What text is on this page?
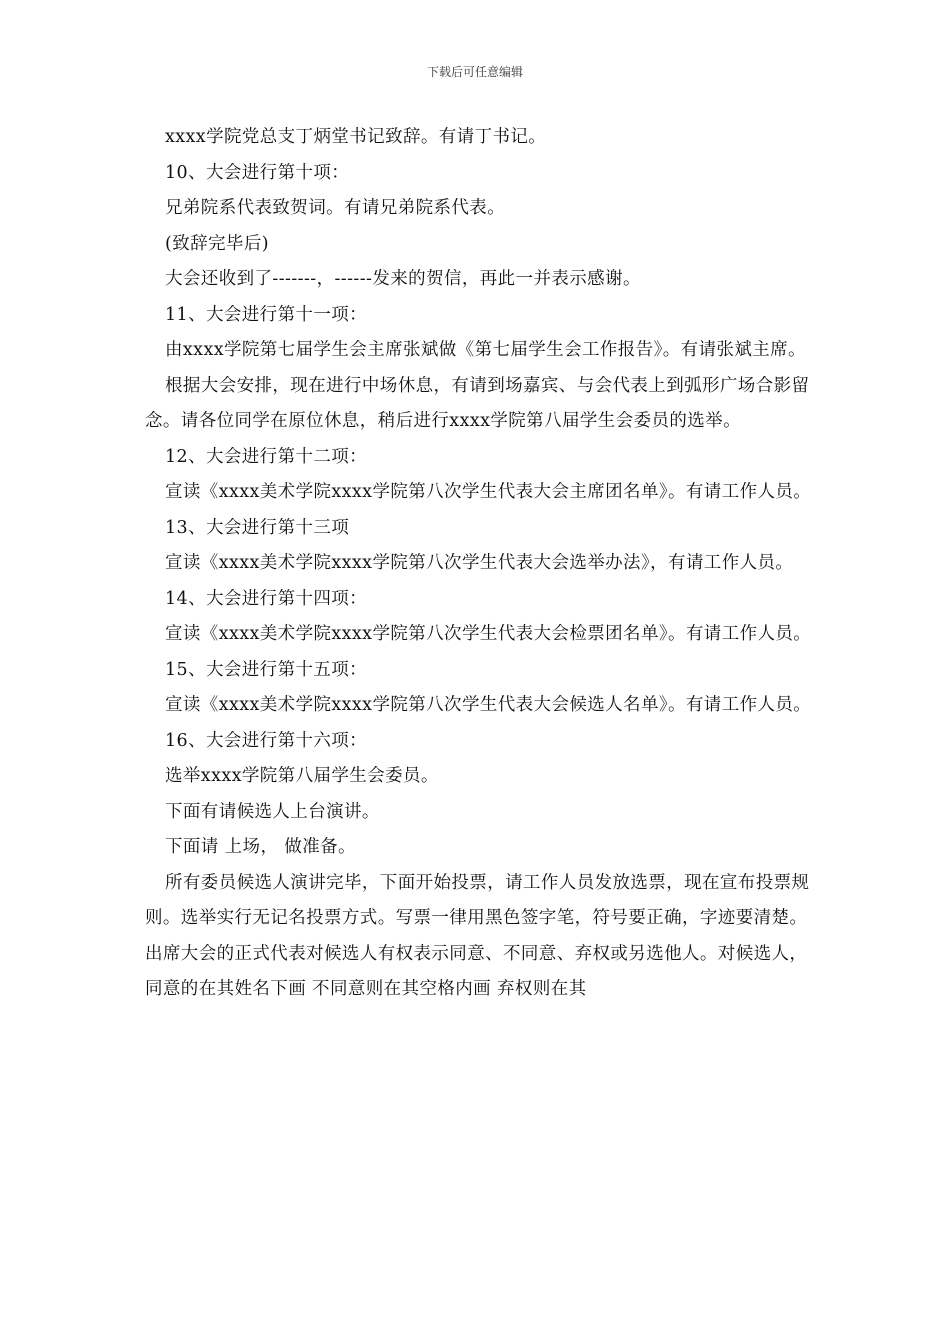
下载后可任意编辑

xxxx学院党总支丁炳堂书记致辞。有请丁书记。

10、大会进行第十项：

兄弟院系代表致贺词。有请兄弟院系代表。

(致辞完毕后)

大会还收到了-------，------发来的贺信，再此一并表示感谢。

11、大会进行第十一项：

由xxxx学院第七届学生会主席张斌做《第七届学生会工作报告》。有请张斌主席。

根据大会安排，现在进行中场休息，有请到场嘉宾、与会代表上到弧形广场合影留念。请各位同学在原位休息，稍后进行xxxx学院第八届学生会委员的选举。

12、大会进行第十二项：

宣读《xxxx美术学院xxxx学院第八次学生代表大会主席团名单》。有请工作人员。

13、大会进行第十三项

宣读《xxxx美术学院xxxx学院第八次学生代表大会选举办法》，有请工作人员。

14、大会进行第十四项：

宣读《xxxx美术学院xxxx学院第八次学生代表大会检票团名单》。有请工作人员。

15、大会进行第十五项：

宣读《xxxx美术学院xxxx学院第八次学生代表大会候选人名单》。有请工作人员。

16、大会进行第十六项：

选举xxxx学院第八届学生会委员。

下面有请候选人上台演讲。

下面请 上场， 做准备。

所有委员候选人演讲完毕，下面开始投票，请工作人员发放选票，现在宣布投票规则。选举实行无记名投票方式。写票一律用黑色签字笔，符号要正确，字迹要清楚。出席大会的正式代表对候选人有权表示同意、不同意、弃权或另选他人。对候选人，同意的在其姓名下画 不同意则在其空格内画 弃权则在其
